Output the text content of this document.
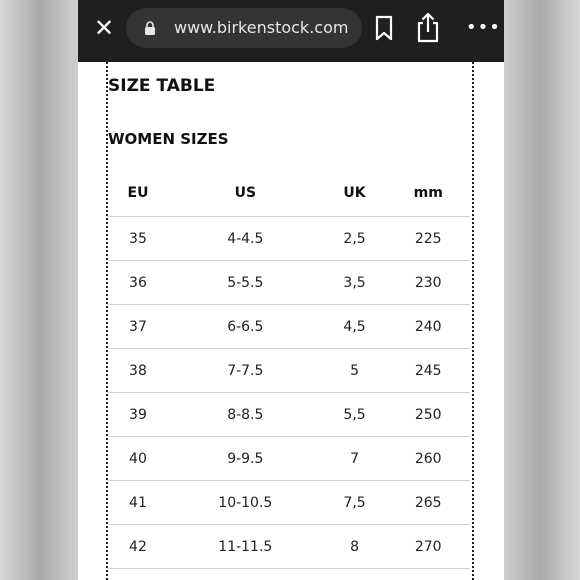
✕	www.birkenstock.com	•••
SIZE TABLE
WOMEN SIZES
EU	US	UK	mm
35	4-4.5	2,5	225
36	5-5.5	3,5	230
37	6-6.5	4,5	240
38	7-7.5	5	245
39	8-8.5	5,5	250
40	9-9.5	7	260
41	10-10.5	7,5	265
42	11-11.5	8	270
